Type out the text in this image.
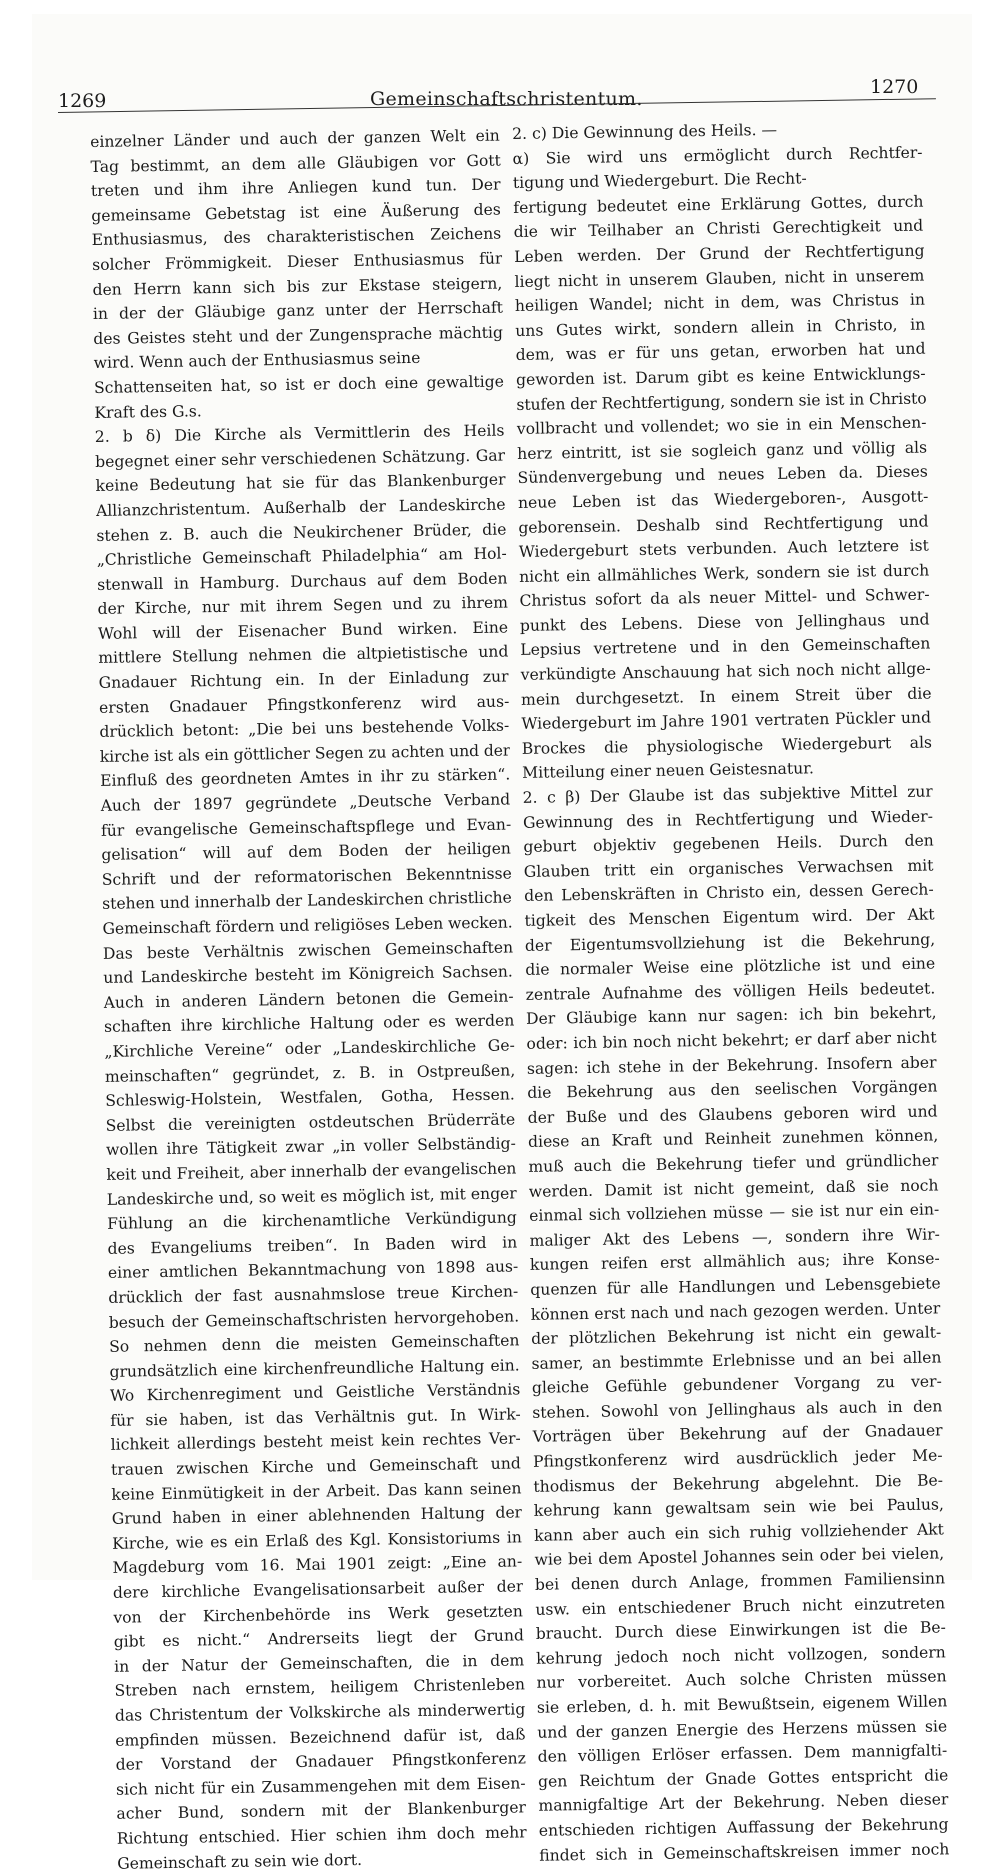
1269	Gemeinschaftschristentum.
1270
einzelner Länder und auch der ganzen Welt ein
Tag bestimmt, an dem alle Gläubigen vor Gott
treten und ihm ihre Anliegen kund tun. Der
gemeinsame Gebetstag ist eine Äußerung des
Enthusiasmus, des charakteristischen Zeichens
solcher Frömmigkeit. Dieser Enthusiasmus für
den Herrn kann sich bis zur Ekstase steigern,
in der der Gläubige ganz unter der Herrschaft
des Geistes steht und der Zungensprache mächtig
wird. Wenn auch der Enthusiasmus seine
Schattenseiten hat, so ist er doch eine gewaltige
Kraft des G.s.
2. b δ) Die Kirche als Vermittlerin des Heils
begegnet einer sehr verschiedenen Schätzung. Gar
keine Bedeutung hat sie für das Blankenburger
Allianzchristentum. Außerhalb der Landeskirche
stehen z. B. auch die Neukirchener Brüder, die
„Christliche Gemeinschaft Philadelphia“ am Hol-
stenwall in Hamburg. Durchaus auf dem Boden
der Kirche, nur mit ihrem Segen und zu ihrem
Wohl will der Eisenacher Bund wirken. Eine
mittlere Stellung nehmen die altpietistische und
Gnadauer Richtung ein. In der Einladung zur
ersten Gnadauer Pfingstkonferenz wird aus-
drücklich betont: „Die bei uns bestehende Volks-
kirche ist als ein göttlicher Segen zu achten und der
Einfluß des geordneten Amtes in ihr zu stärken“.
Auch der 1897 gegründete „Deutsche Verband
für evangelische Gemeinschaftspflege und Evan-
gelisation“ will auf dem Boden der heiligen
Schrift und der reformatorischen Bekenntnisse
stehen und innerhalb der Landeskirchen christliche
Gemeinschaft fördern und religiöses Leben wecken.
Das beste Verhältnis zwischen Gemeinschaften
und Landeskirche besteht im Königreich Sachsen.
Auch in anderen Ländern betonen die Gemein-
schaften ihre kirchliche Haltung oder es werden
„Kirchliche Vereine“ oder „Landeskirchliche Ge-
meinschaften“ gegründet, z. B. in Ostpreußen,
Schleswig-Holstein, Westfalen, Gotha, Hessen.
Selbst die vereinigten ostdeutschen Brüderräte
wollen ihre Tätigkeit zwar „in voller Selbständig-
keit und Freiheit, aber innerhalb der evangelischen
Landeskirche und, so weit es möglich ist, mit enger
Fühlung an die kirchenamtliche Verkündigung
des Evangeliums treiben“. In Baden wird in
einer amtlichen Bekanntmachung von 1898 aus-
drücklich der fast ausnahmslose treue Kirchen-
besuch der Gemeinschaftschristen hervorgehoben.
So nehmen denn die meisten Gemeinschaften
grundsätzlich eine kirchenfreundliche Haltung ein.
Wo Kirchenregiment und Geistliche Verständnis
für sie haben, ist das Verhältnis gut. In Wirk-
lichkeit allerdings besteht meist kein rechtes Ver-
trauen zwischen Kirche und Gemeinschaft und
keine Einmütigkeit in der Arbeit. Das kann seinen
Grund haben in einer ablehnenden Haltung der
Kirche, wie es ein Erlaß des Kgl. Konsistoriums in
Magdeburg vom 16. Mai 1901 zeigt: „Eine an-
dere kirchliche Evangelisationsarbeit außer der
von der Kirchenbehörde ins Werk gesetzten
gibt es nicht.“ Andrerseits liegt der Grund
in der Natur der Gemeinschaften, die in dem
Streben nach ernstem, heiligem Christenleben
das Christentum der Volkskirche als minderwertig
empfinden müssen. Bezeichnend dafür ist, daß
der Vorstand der Gnadauer Pfingstkonferenz
sich nicht für ein Zusammengehen mit dem Eisen-
acher Bund, sondern mit der Blankenburger
Richtung entschied. Hier schien ihm doch mehr
Gemeinschaft zu sein wie dort.
2. c) Die Gewinnung des Heils. —
α) Sie wird uns ermöglicht durch Rechtfer-
tigung und Wiedergeburt. Die Recht-
fertigung bedeutet eine Erklärung Gottes, durch
die wir Teilhaber an Christi Gerechtigkeit und
Leben werden. Der Grund der Rechtfertigung
liegt nicht in unserem Glauben, nicht in unserem
heiligen Wandel; nicht in dem, was Christus in
uns Gutes wirkt, sondern allein in Christo, in
dem, was er für uns getan, erworben hat und
geworden ist. Darum gibt es keine Entwicklungs-
stufen der Rechtfertigung, sondern sie ist in Christo
vollbracht und vollendet; wo sie in ein Menschen-
herz eintritt, ist sie sogleich ganz und völlig als
Sündenvergebung und neues Leben da. Dieses
neue Leben ist das Wiedergeboren-, Ausgott-
geborensein. Deshalb sind Rechtfertigung und
Wiedergeburt stets verbunden. Auch letztere ist
nicht ein allmähliches Werk, sondern sie ist durch
Christus sofort da als neuer Mittel- und Schwer-
punkt des Lebens. Diese von Jellinghaus und
Lepsius vertretene und in den Gemeinschaften
verkündigte Anschauung hat sich noch nicht allge-
mein durchgesetzt. In einem Streit über die
Wiedergeburt im Jahre 1901 vertraten Pückler und
Brockes die physiologische Wiedergeburt als
Mitteilung einer neuen Geistesnatur.
2. c β) Der Glaube ist das subjektive Mittel zur
Gewinnung des in Rechtfertigung und Wieder-
geburt objektiv gegebenen Heils. Durch den
Glauben tritt ein organisches Verwachsen mit
den Lebenskräften in Christo ein, dessen Gerech-
tigkeit des Menschen Eigentum wird. Der Akt
der Eigentumsvollziehung ist die Bekehrung,
die normaler Weise eine plötzliche ist und eine
zentrale Aufnahme des völligen Heils bedeutet.
Der Gläubige kann nur sagen: ich bin bekehrt,
oder: ich bin noch nicht bekehrt; er darf aber nicht
sagen: ich stehe in der Bekehrung. Insofern aber
die Bekehrung aus den seelischen Vorgängen
der Buße und des Glaubens geboren wird und
diese an Kraft und Reinheit zunehmen können,
muß auch die Bekehrung tiefer und gründlicher
werden. Damit ist nicht gemeint, daß sie noch
einmal sich vollziehen müsse — sie ist nur ein ein-
maliger Akt des Lebens —, sondern ihre Wir-
kungen reifen erst allmählich aus; ihre Konse-
quenzen für alle Handlungen und Lebensgebiete
können erst nach und nach gezogen werden. Unter
der plötzlichen Bekehrung ist nicht ein gewalt-
samer, an bestimmte Erlebnisse und an bei allen
gleiche Gefühle gebundener Vorgang zu ver-
stehen. Sowohl von Jellinghaus als auch in den
Vorträgen über Bekehrung auf der Gnadauer
Pfingstkonferenz wird ausdrücklich jeder Me-
thodismus der Bekehrung abgelehnt. Die Be-
kehrung kann gewaltsam sein wie bei Paulus,
kann aber auch ein sich ruhig vollziehender Akt
wie bei dem Apostel Johannes sein oder bei vielen,
bei denen durch Anlage, frommen Familiensinn
usw. ein entschiedener Bruch nicht einzutreten
braucht. Durch diese Einwirkungen ist die Be-
kehrung jedoch noch nicht vollzogen, sondern
nur vorbereitet. Auch solche Christen müssen
sie erleben, d. h. mit Bewußtsein, eigenem Willen
und der ganzen Energie des Herzens müssen sie
den völligen Erlöser erfassen. Dem mannigfalti-
gen Reichtum der Gnade Gottes entspricht die
mannigfaltige Art der Bekehrung. Neben dieser
entschieden richtigen Auffassung der Bekehrung
findet sich in Gemeinschaftskreisen immer noch
